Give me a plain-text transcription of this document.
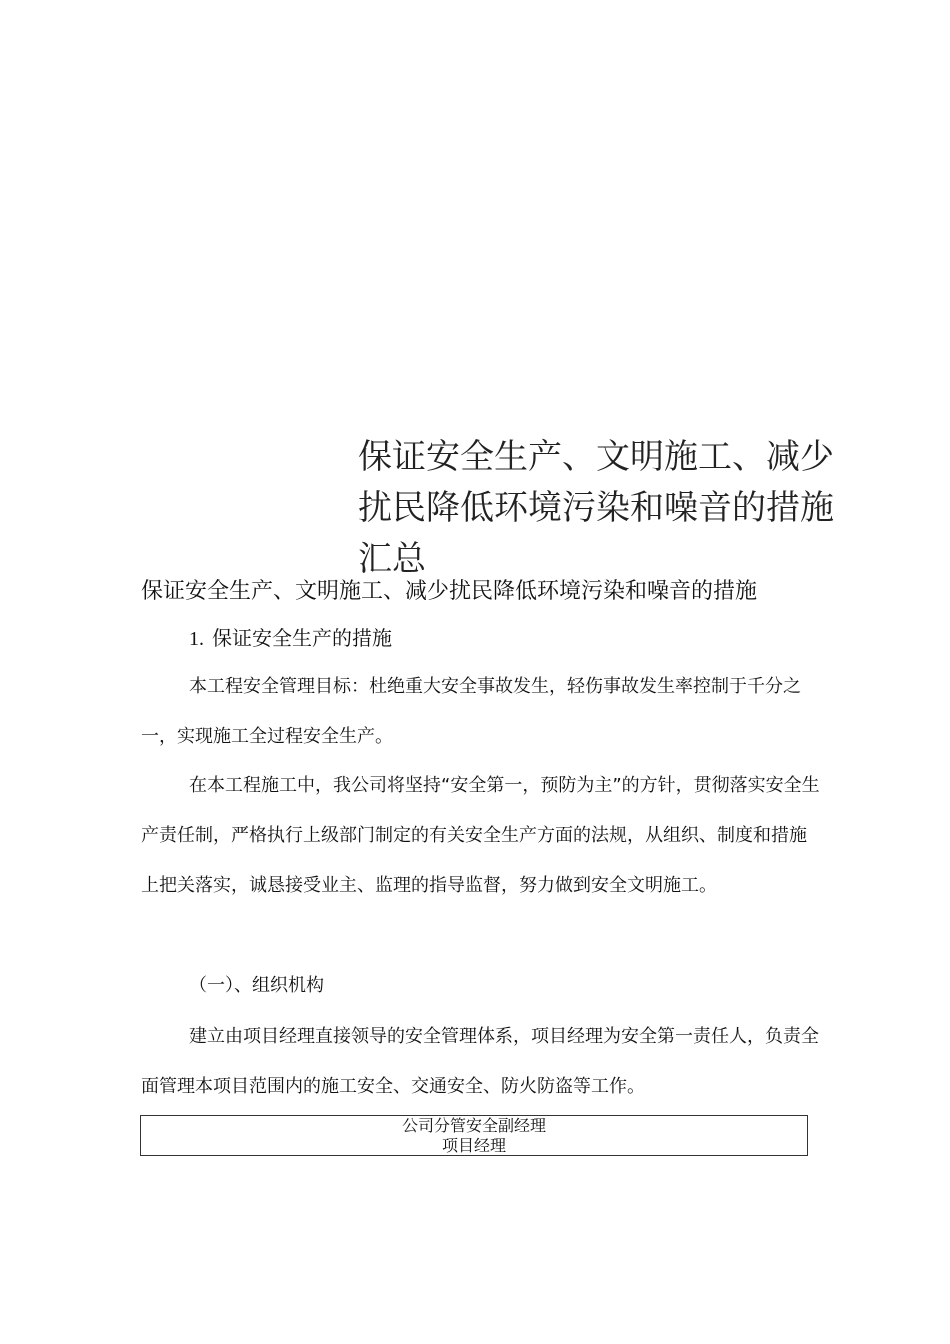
保证安全生产、文明施工、减少
扰民降低环境污染和噪音的措施
汇总
保证安全生产、文明施工、减少扰民降低环境污染和噪音的措施
1. 保证安全生产的措施

本工程安全管理目标：杜绝重大安全事故发生，轻伤事故发生率控制于千分之一，实现施工全过程安全生产。

在本工程施工中，我公司将坚持“安全第一，预防为主”的方针，贯彻落实安全生产责任制，严格执行上级部门制定的有关安全生产方面的法规，从组织、制度和措施上把关落实，诚恳接受业主、监理的指导监督，努力做到安全文明施工。

（一）、组织机构

建立由项目经理直接领导的安全管理体系，项目经理为安全第一责任人，负责全面管理本项目范围内的施工安全、交通安全、防火防盗等工作。

公司分管安全副经理
项目经理
